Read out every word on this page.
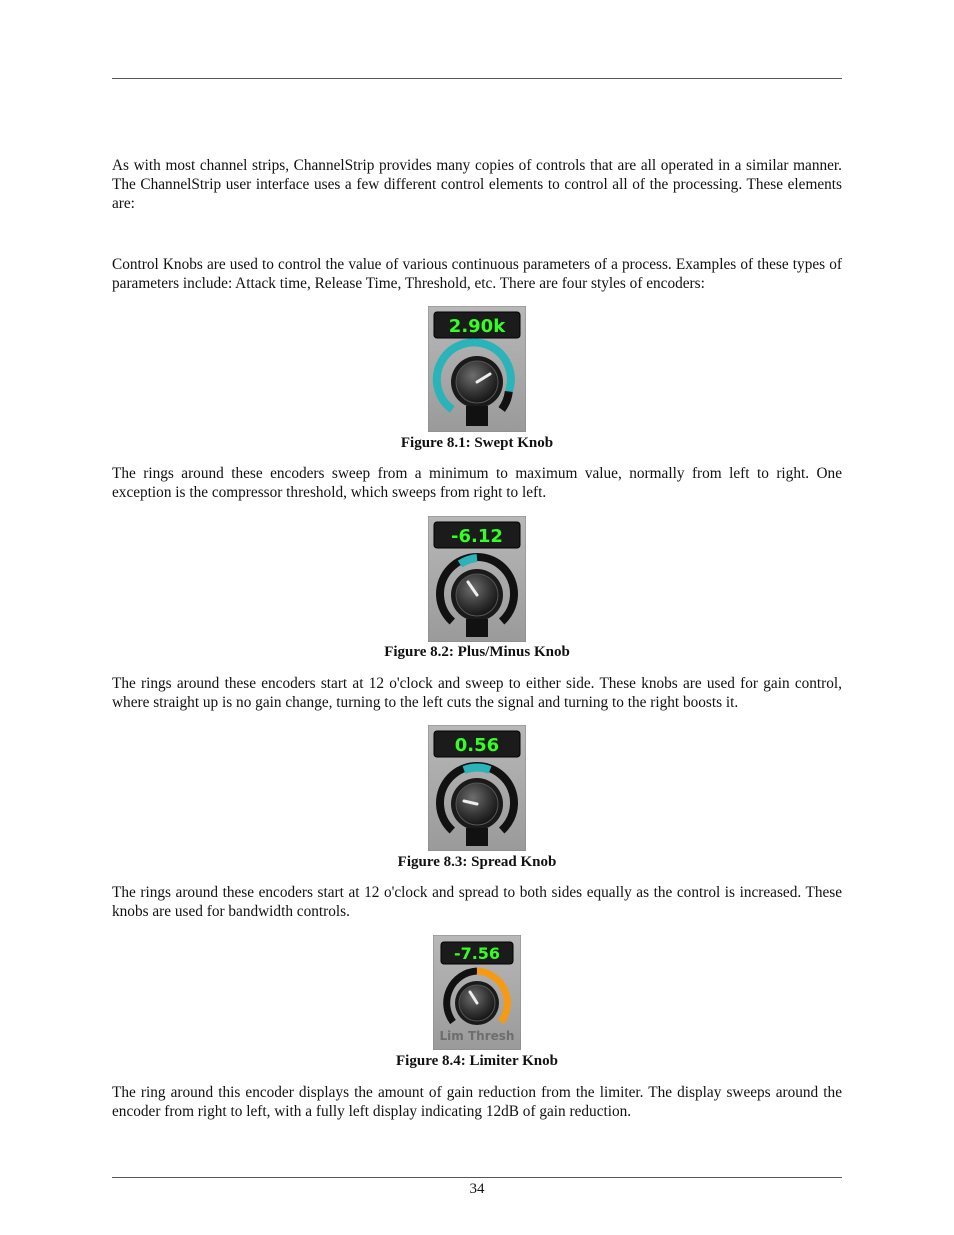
As with most channel strips, ChannelStrip provides many copies of controls that are all operated in a similar manner. The ChannelStrip user interface uses a few different control elements to control all of the processing. These elements are:

Control Knobs are used to control the value of various continuous parameters of a process. Examples of these types of parameters include: Attack time, Release Time, Threshold, etc. There are four styles of encoders:

2.90k

Figure 8.1: Swept Knob

The rings around these encoders sweep from a minimum to maximum value, normally from left to right. One exception is the compressor threshold, which sweeps from right to left.

-6.12

Figure 8.2: Plus/Minus Knob

The rings around these encoders start at 12 o'clock and sweep to either side. These knobs are used for gain control, where straight up is no gain change, turning to the left cuts the signal and turning to the right boosts it.

0.56

Figure 8.3: Spread Knob

The rings around these encoders start at 12 o'clock and spread to both sides equally as the control is increased. These knobs are used for bandwidth controls.

-7.56
Lim Thresh

Figure 8.4: Limiter Knob

The ring around this encoder displays the amount of gain reduction from the limiter. The display sweeps around the encoder from right to left, with a fully left display indicating 12dB of gain reduction.

34
